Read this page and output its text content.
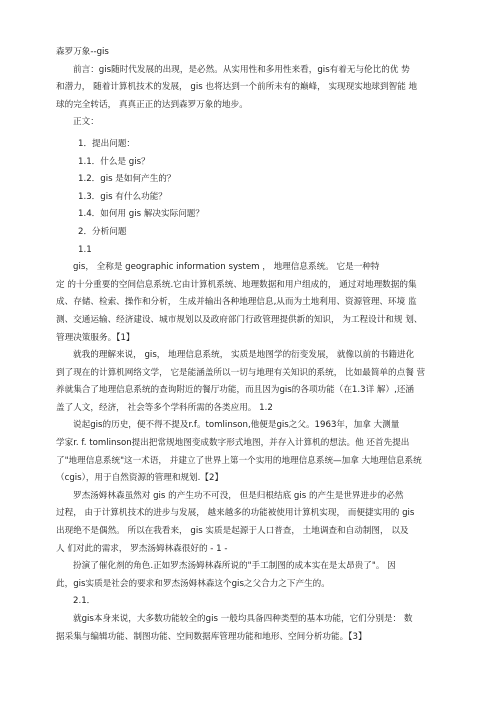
森罗万象--gis
前言：gis随时代发展的出现，是必然。从实用性和多用性来看，gis有着无与伦比的优 势
和潜力， 随着计算机技术的发展， gis 也将达到一个前所未有的巅峰， 实现现实地球到智能 地
球的完全转话， 真真正正的达到森罗万象的地步。
正文：
1．提出问题：
1.1．什么是 gis？
1.2．gis 是如何产生的？
1.3．gis 有什么功能？
1.4．如何用 gis 解决实际问题？
2．分析问题
1.1
gis， 全称是 geographic information system ， 地理信息系统。 它是一种特
定 的十分重要的空间信息系统.它由计算机系统、地理数据和用户组成的， 通过对地理数据的集
成、存储、检索、操作和分析， 生成并输出各种地理信息,从而为土地利用、资源管理、环境 监
测、交通运输、经济建设、城市规划以及政府部门行政管理提供新的知识， 为工程设计和规 划、
管理决策服务。【1】
就我的理解来说， gis， 地理信息系统， 实质是地图学的衍变发展， 就像以前的书籍进化
到了现在的计算机网络文学， 它是能涵盖所以一切与地理有关知识的系统， 比如最简单的点餐 营
养就集合了地理信息系统的查询附近的餐厅功能，而且因为gis的各项功能（在1.3详 解）,还涵
盖了人文，经济， 社会等多个学科所需的各类应用。 1.2
说起gis的历史，便不得不提及r.f。tomlinson,他便是gis之父。1963年，加拿 大测量
学家r. f. tomlinson提出把常规地图变成数字形式地图，并存入计算机的想法。他 还首先提出
了"地理信息系统"这一术语， 并建立了世界上第一个实用的地理信息系统—加拿 大地理信息系统
（cgis），用于自然资源的管理和规划.【2】
罗杰汤姆林森虽然对 gis 的产生功不可没， 但是归根结底 gis 的产生是世界进步的必然
过程， 由于计算机技术的进步与发展， 越来越多的功能被使用计算机实现， 而便捷实用的 gis
出现绝不是偶然。 所以在我看来， gis 实质是起源于人口普查， 土地调查和自动制图， 以及
人 们对此的需求， 罗杰汤姆林森很好的 - 1 -
扮演了催化剂的角色.正如罗杰汤姆林森所说的"手工制图的成本实在是太昂贵了"。 因
此，gis实质是社会的要求和罗杰汤姆林森这个gis之父合力之下产生的。
2.1．
就gis本身来说，大多数功能较全的gis 一般均具备四种类型的基本功能，它们分别是： 数
据采集与编辑功能、制图功能、空间数据库管理功能和地形、空间分析功能。【3】
